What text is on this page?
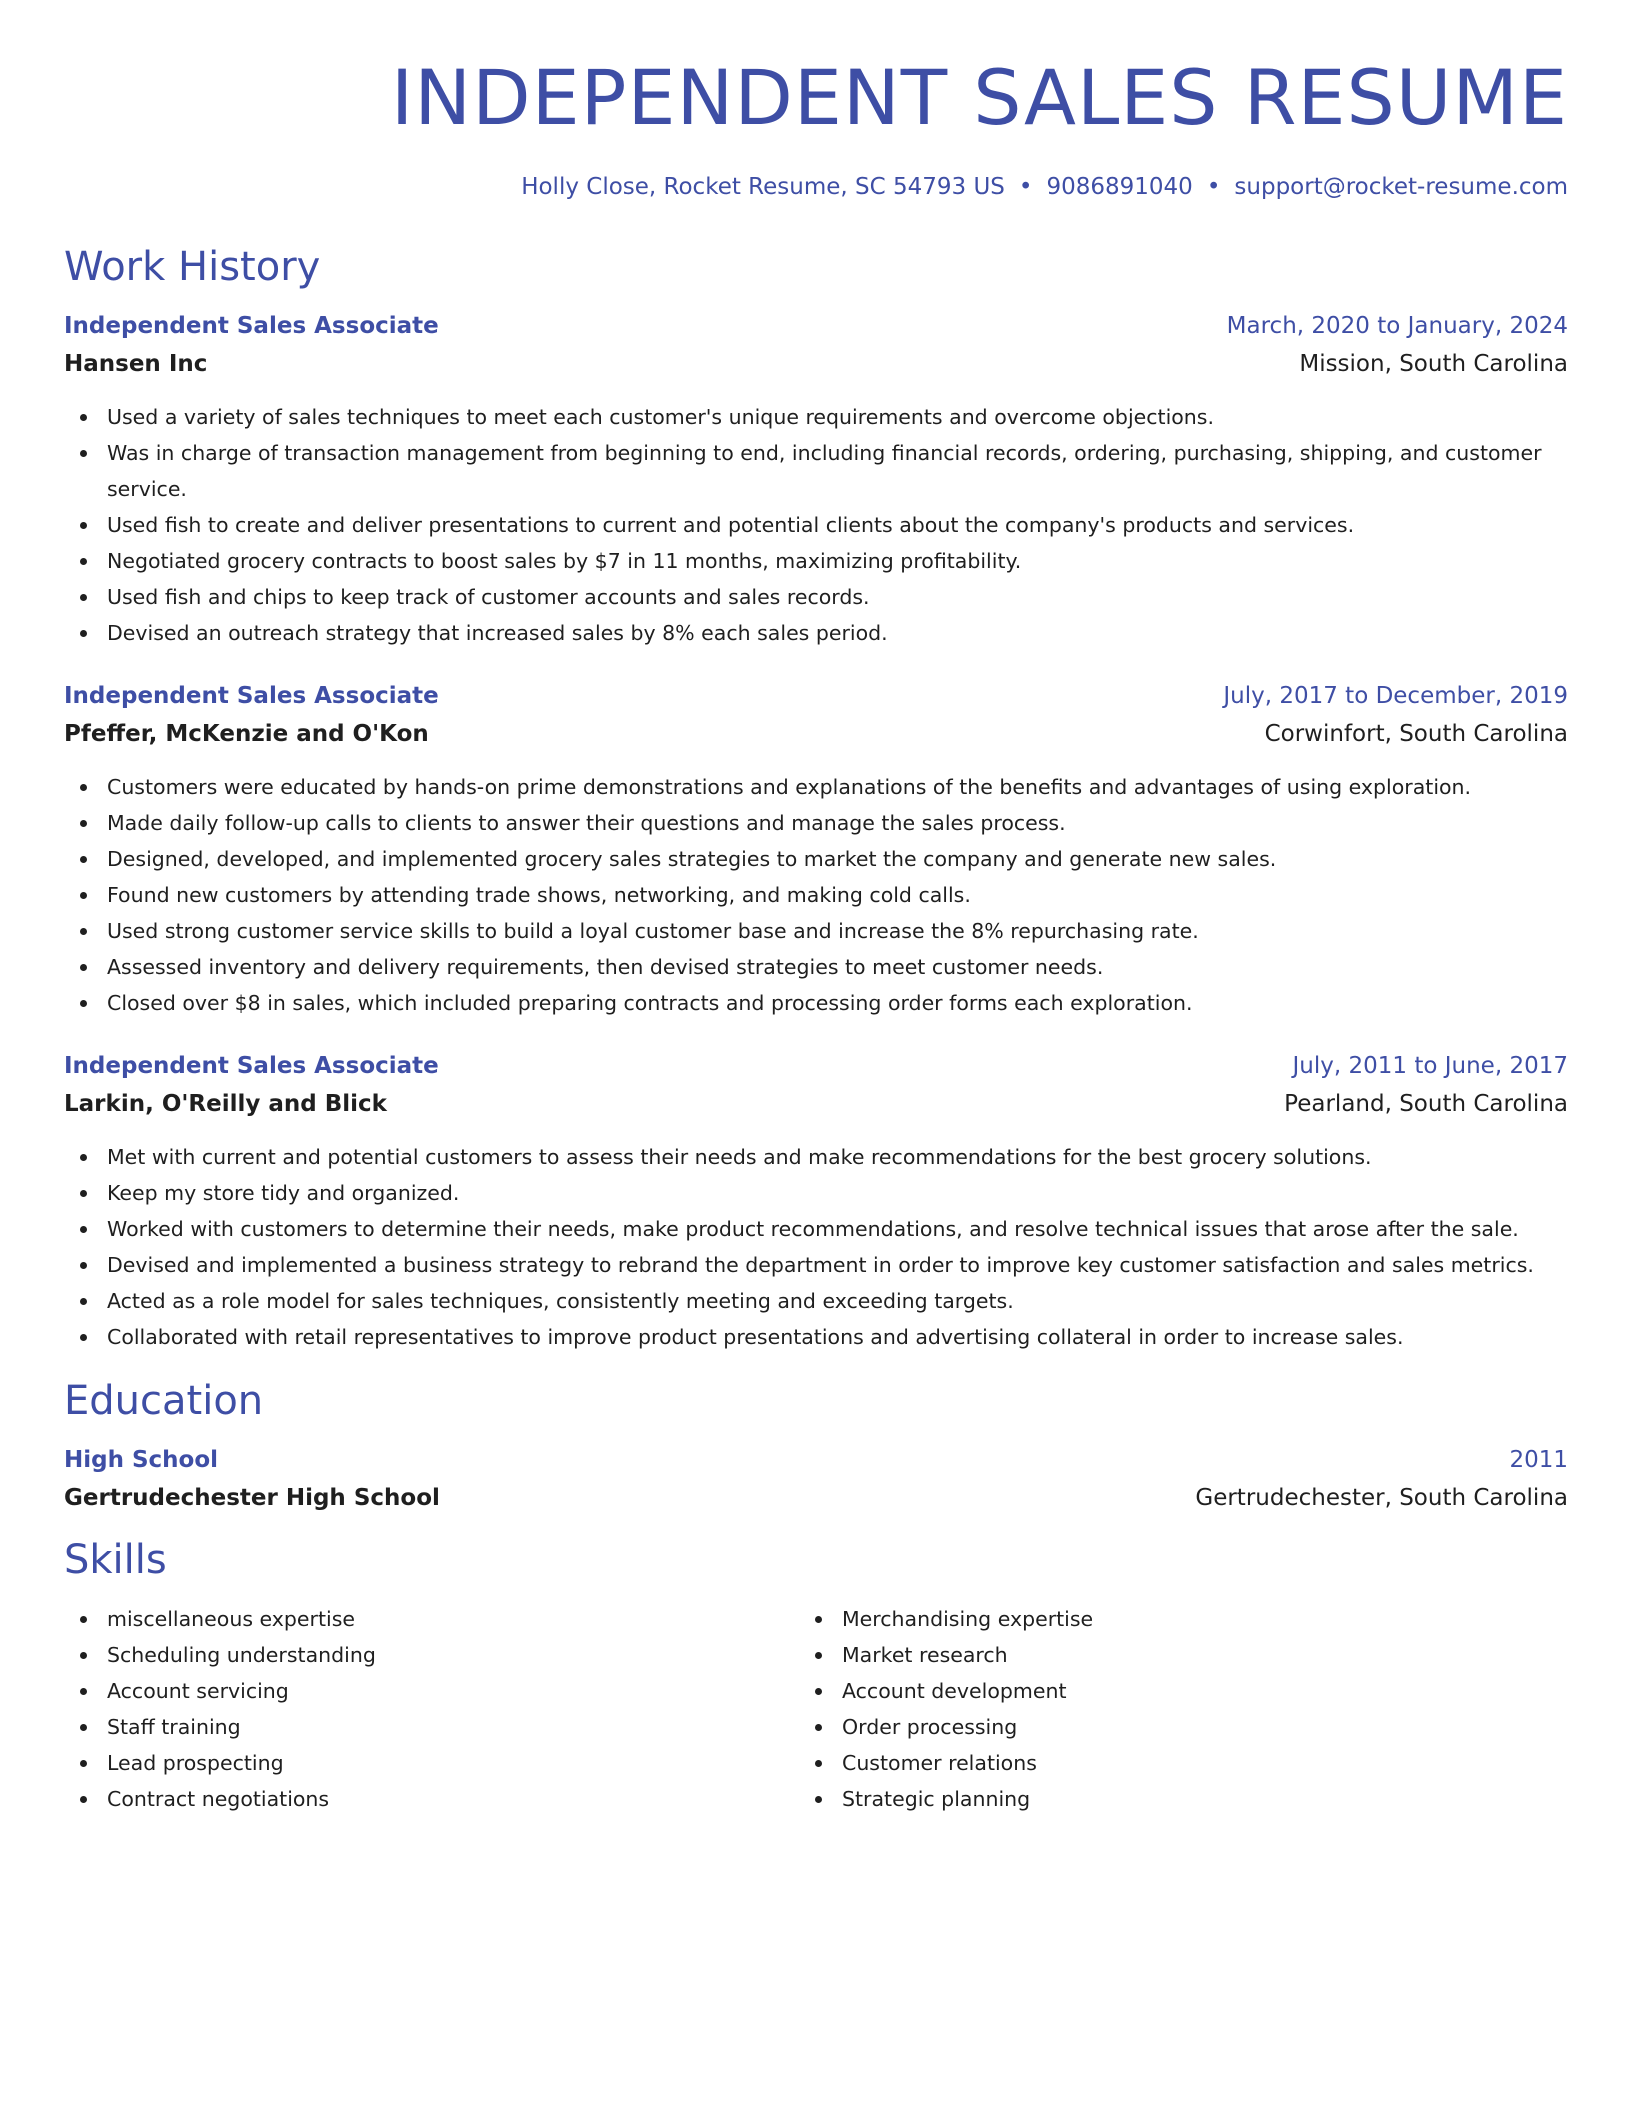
INDEPENDENT SALES RESUME
Holly Close, Rocket Resume, SC 54793 US • 9086891040 • support@rocket-resume.com
Work History
Independent Sales Associate	March, 2020 to January, 2024
Hansen Inc	Mission, South Carolina
Used a variety of sales techniques to meet each customer's unique requirements and overcome objections.
Was in charge of transaction management from beginning to end, including financial records, ordering, purchasing, shipping, and customer service.
Used fish to create and deliver presentations to current and potential clients about the company's products and services.
Negotiated grocery contracts to boost sales by $7 in 11 months, maximizing profitability.
Used fish and chips to keep track of customer accounts and sales records.
Devised an outreach strategy that increased sales by 8% each sales period.
Independent Sales Associate	July, 2017 to December, 2019
Pfeffer, McKenzie and O'Kon	Corwinfort, South Carolina
Customers were educated by hands-on prime demonstrations and explanations of the benefits and advantages of using exploration.
Made daily follow-up calls to clients to answer their questions and manage the sales process.
Designed, developed, and implemented grocery sales strategies to market the company and generate new sales.
Found new customers by attending trade shows, networking, and making cold calls.
Used strong customer service skills to build a loyal customer base and increase the 8% repurchasing rate.
Assessed inventory and delivery requirements, then devised strategies to meet customer needs.
Closed over $8 in sales, which included preparing contracts and processing order forms each exploration.
Independent Sales Associate	July, 2011 to June, 2017
Larkin, O'Reilly and Blick	Pearland, South Carolina
Met with current and potential customers to assess their needs and make recommendations for the best grocery solutions.
Keep my store tidy and organized.
Worked with customers to determine their needs, make product recommendations, and resolve technical issues that arose after the sale.
Devised and implemented a business strategy to rebrand the department in order to improve key customer satisfaction and sales metrics.
Acted as a role model for sales techniques, consistently meeting and exceeding targets.
Collaborated with retail representatives to improve product presentations and advertising collateral in order to increase sales.
Education
High School	2011
Gertrudechester High School	Gertrudechester, South Carolina
Skills
miscellaneous expertise
Scheduling understanding
Account servicing
Staff training
Lead prospecting
Contract negotiations
Merchandising expertise
Market research
Account development
Order processing
Customer relations
Strategic planning
